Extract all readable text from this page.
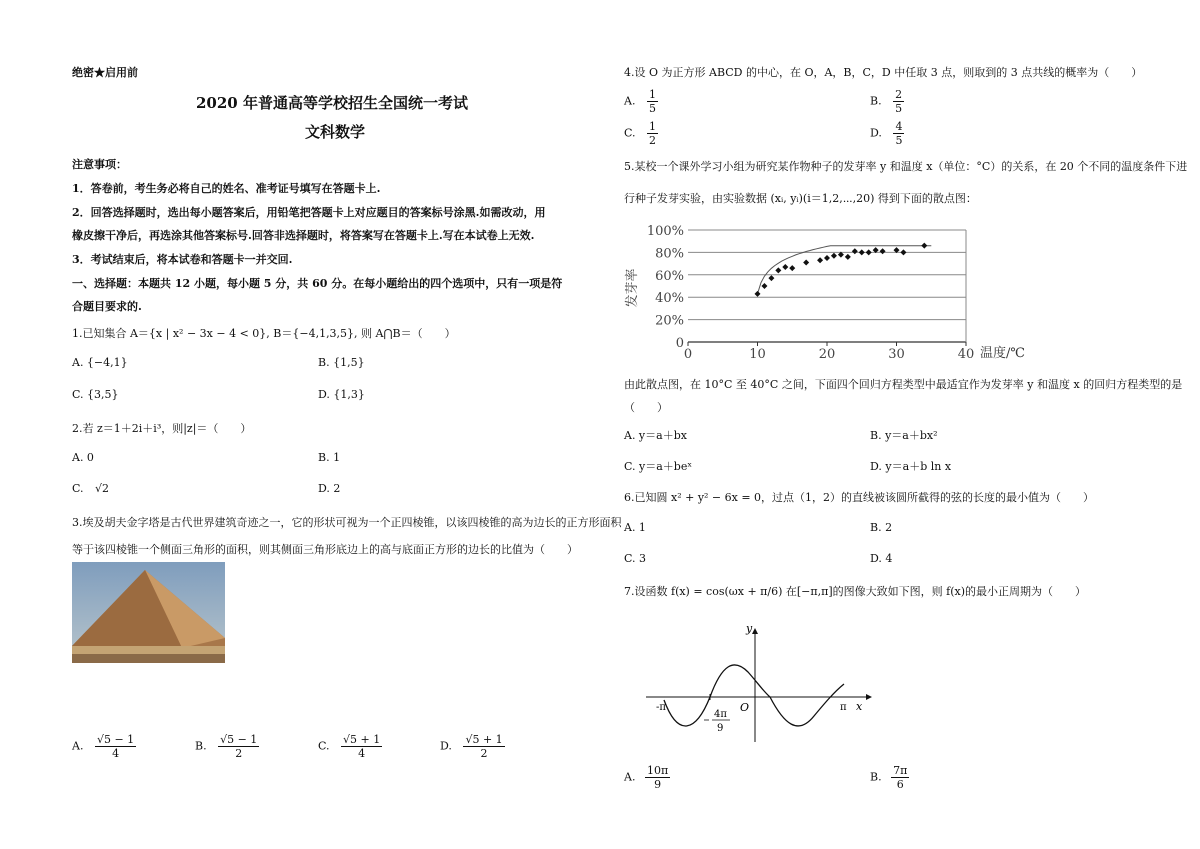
绝密★启用前
2020 年普通高等学校招生全国统一考试
文科数学
注意事项：
1．答卷前，考生务必将自己的姓名、准考证号填写在答题卡上.
2．回答选择题时，选出每小题答案后，用铅笔把答题卡上对应题目的答案标号涂黑.如需改动，用
橡皮擦干净后，再选涂其他答案标号.回答非选择题时，将答案写在答题卡上.写在本试卷上无效.
3．考试结束后，将本试卷和答题卡一并交回.
一、选择题：本题共 12 小题，每小题 5 分，共 60 分。在每小题给出的四个选项中，只有一项是符
合题目要求的.
1.已知集合 A＝{x | x² − 3x − 4 < 0}, B＝{−4,1,3,5}, 则 A⋂B＝（　　）
A. {−4,1}	B. {1,5}
C. {3,5}	D. {1,3}
2.若 z＝1＋2i＋i³，则|z|＝（　　）
A. 0	B. 1
C. √2	D. 2
3.埃及胡夫金字塔是古代世界建筑奇迹之一，它的形状可视为一个正四棱锥，以该四棱锥的高为边长的正方形面积
等于该四棱锥一个侧面三角形的面积，则其侧面三角形底边上的高与底面正方形的边长的比值为（　　）
A. $\frac{√5 - 1}{4}$	B. $\frac{√5 - 1}{2}$	C. $\frac{√5 + 1}{4}$	D. $\frac{√5 + 1}{2}$
4.设 O 为正方形 ABCD 的中心，在 O，A，B，C，D 中任取 3 点，则取到的 3 点共线的概率为（　　）
A. $\frac{1}{5}$	B. $\frac{2}{5}$
C. $\frac{1}{2}$	D. $\frac{4}{5}$
5.某校一个课外学习小组为研究某作物种子的发芽率 y 和温度 x（单位：°C）的关系，在 20 个不同的温度条件下进
行种子发芽实验，由实验数据 (xᵢ, yᵢ)(i＝1,2,⋯,20) 得到下面的散点图：
0
20%
40%
60%
80%
100%
0	10	20	30	40
发芽率
温度/℃
由此散点图，在 10°C 至 40°C 之间，下面四个回归方程类型中最适宜作为发芽率 y 和温度 x 的回归方程类型的是
（　　）
A. y＝a＋bx	B. y＝a＋bx²
C. y＝a＋beˣ	D. y＝a＋b ln x
6.已知圆 x² + y² − 6x = 0，过点（1，2）的直线被该圆所截得的弦的长度的最小值为（　　）
A. 1	B. 2
C. 3	D. 4
7.设函数 f(x) = cos(ωx + π/6) 在[−π,π]的图像大致如下图，则 f(x)的最小正周期为（　　）
y
x
O
-π	π
4π
9
A. $\frac{10\pi}{9}$	B. $\frac{7\pi}{6}$
